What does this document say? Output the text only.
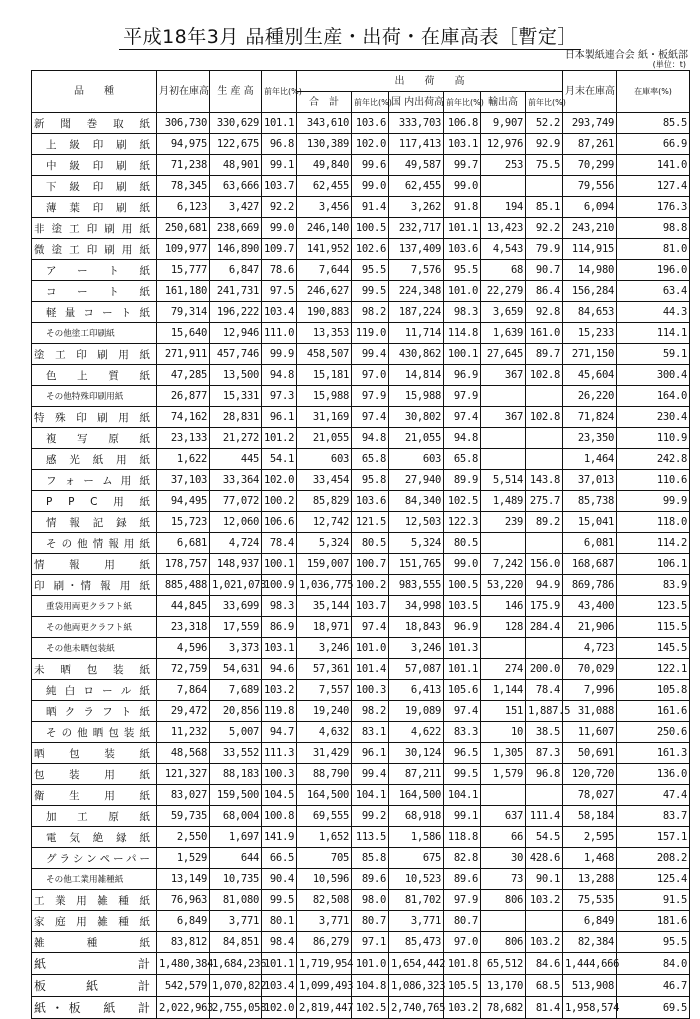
平成18年3月 品種別生産・出荷・在庫高表［暫定］
日本製紙連合会 紙・板紙部
(単位：t)
品　　種	月初在庫高	生 産 高	前年比(%)	出　　荷　　高						月末在庫高	在庫率(%)
				合　計	前年比(%)	国 内出荷高	前年比(%)	輸出高	前年比(%)		

新　聞　巻　取　紙	306,730	330,629	101.1	343,610	103.6	333,703	106.8	9,907	52.2	293,749	85.5

上　級　印　刷　紙	94,975	122,675	96.8	130,389	102.0	117,413	103.1	12,976	92.9	87,261	66.9

中　級　印　刷　紙	71,238	48,901	99.1	49,840	99.6	49,587	99.7	253	75.5	70,299	141.0

下　級　印　刷　紙	78,345	63,666	103.7	62,455	99.0	62,455	99.0			79,556	127.4

薄　葉　印　刷　紙	6,123	3,427	92.2	3,456	91.4	3,262	91.8	194	85.1	6,094	176.3

非 塗 工 印 刷 用 紙	250,681	238,669	99.0	246,140	100.5	232,717	101.1	13,423	92.2	243,210	98.8

微 塗 工 印 刷 用 紙	109,977	146,890	109.7	141,952	102.6	137,409	103.6	4,543	79.9	114,915	81.0

ア　ー　ト　紙	15,777	6,847	78.6	7,644	95.5	7,576	95.5	68	90.7	14,980	196.0

コ　ー　ト　紙	161,180	241,731	97.5	246,627	99.5	224,348	101.0	22,279	86.4	156,284	63.4

軽 量 コ ー ト 紙	79,314	196,222	103.4	190,883	98.2	187,224	98.3	3,659	92.8	84,653	44.3

その他塗工印刷紙	15,640	12,946	111.0	13,353	119.0	11,714	114.8	1,639	161.0	15,233	114.1

塗 工 印 刷 用 紙	271,911	457,746	99.9	458,507	99.4	430,862	100.1	27,645	89.7	271,150	59.1

色　上　質　紙	47,285	13,500	94.8	15,181	97.0	14,814	96.9	367	102.8	45,604	300.4

その他特殊印刷用紙	26,877	15,331	97.3	15,988	97.9	15,988	97.9			26,220	164.0

特 殊 印 刷 用 紙	74,162	28,831	96.1	31,169	97.4	30,802	97.4	367	102.8	71,824	230.4

複　写　原　紙	23,133	21,272	101.2	21,055	94.8	21,055	94.8			23,350	110.9

感　光　紙　用　紙	1,622	445	54.1	603	65.8	603	65.8			1,464	242.8

フ ォ ー ム 用 紙	37,103	33,364	102.0	33,454	95.8	27,940	89.9	5,514	143.8	37,013	110.6

P　P　C　用　紙	94,495	77,072	100.2	85,829	103.6	84,340	102.5	1,489	275.7	85,738	99.9

情　報　記　録　紙	15,723	12,060	106.6	12,742	121.5	12,503	122.3	239	89.2	15,041	118.0

その他情報用紙	6,681	4,724	78.4	5,324	80.5	5,324	80.5			6,081	114.2

情　報　用　紙	178,757	148,937	100.1	159,007	100.7	151,765	99.0	7,242	156.0	168,687	106.1

印 刷・情 報 用 紙	885,488	1,021,073	100.9	1,036,775	100.2	983,555	100.5	53,220	94.9	869,786	83.9

重袋用両更クラフト紙	44,845	33,699	98.3	35,144	103.7	34,998	103.5	146	175.9	43,400	123.5

その他両更クラフト紙	23,318	17,559	86.9	18,971	97.4	18,843	96.9	128	284.4	21,906	115.5

その他未晒包装紙	4,596	3,373	103.1	3,246	101.0	3,246	101.3			4,723	145.5

未　晒　包　装　紙	72,759	54,631	94.6	57,361	101.4	57,087	101.1	274	200.0	70,029	122.1

純 白 ロ ー ル 紙	7,864	7,689	103.2	7,557	100.3	6,413	105.6	1,144	78.4	7,996	105.8

晒 ク ラ フ ト 紙	29,472	20,856	119.8	19,240	98.2	19,089	97.4	151	1,887.5	31,088	161.6

そ の 他 晒 包 装 紙	11,232	5,007	94.7	4,632	83.1	4,622	83.3	10	38.5	11,607	250.6

晒　包　装　紙	48,568	33,552	111.3	31,429	96.1	30,124	96.5	1,305	87.3	50,691	161.3

包　装　用　紙	121,327	88,183	100.3	88,790	99.4	87,211	99.5	1,579	96.8	120,720	136.0

衛　生　用　紙	83,027	159,500	104.5	164,500	104.1	164,500	104.1			78,027	47.4

加　工　原　紙	59,735	68,004	100.8	69,555	99.2	68,918	99.1	637	111.4	58,184	83.7

電　気　絶　縁　紙	2,550	1,697	141.9	1,652	113.5	1,586	118.8	66	54.5	2,595	157.1

グラシンペーパー	1,529	644	66.5	705	85.8	675	82.8	30	428.6	1,468	208.2

その他工業用雑種紙	13,149	10,735	90.4	10,596	89.6	10,523	89.6	73	90.1	13,288	125.4

工 業 用 雑 種 紙	76,963	81,080	99.5	82,508	98.0	81,702	97.9	806	103.2	75,535	91.5

家 庭 用 雑 種 紙	6,849	3,771	80.1	3,771	80.7	3,771	80.7			6,849	181.6

雑　　　種　　　紙	83,812	84,851	98.4	86,279	97.1	85,473	97.0	806	103.2	82,384	95.5

紙　　　　計	1,480,384	1,684,236	101.1	1,719,954	101.0	1,654,442	101.8	65,512	84.6	1,444,666	84.0

板　　紙　　計	542,579	1,070,822	103.4	1,099,493	104.8	1,086,323	105.5	13,170	68.5	513,908	46.7

紙・板　紙　計	2,022,963	2,755,058	102.0	2,819,447	102.5	2,740,765	103.2	78,682	81.4	1,958,574	69.5
